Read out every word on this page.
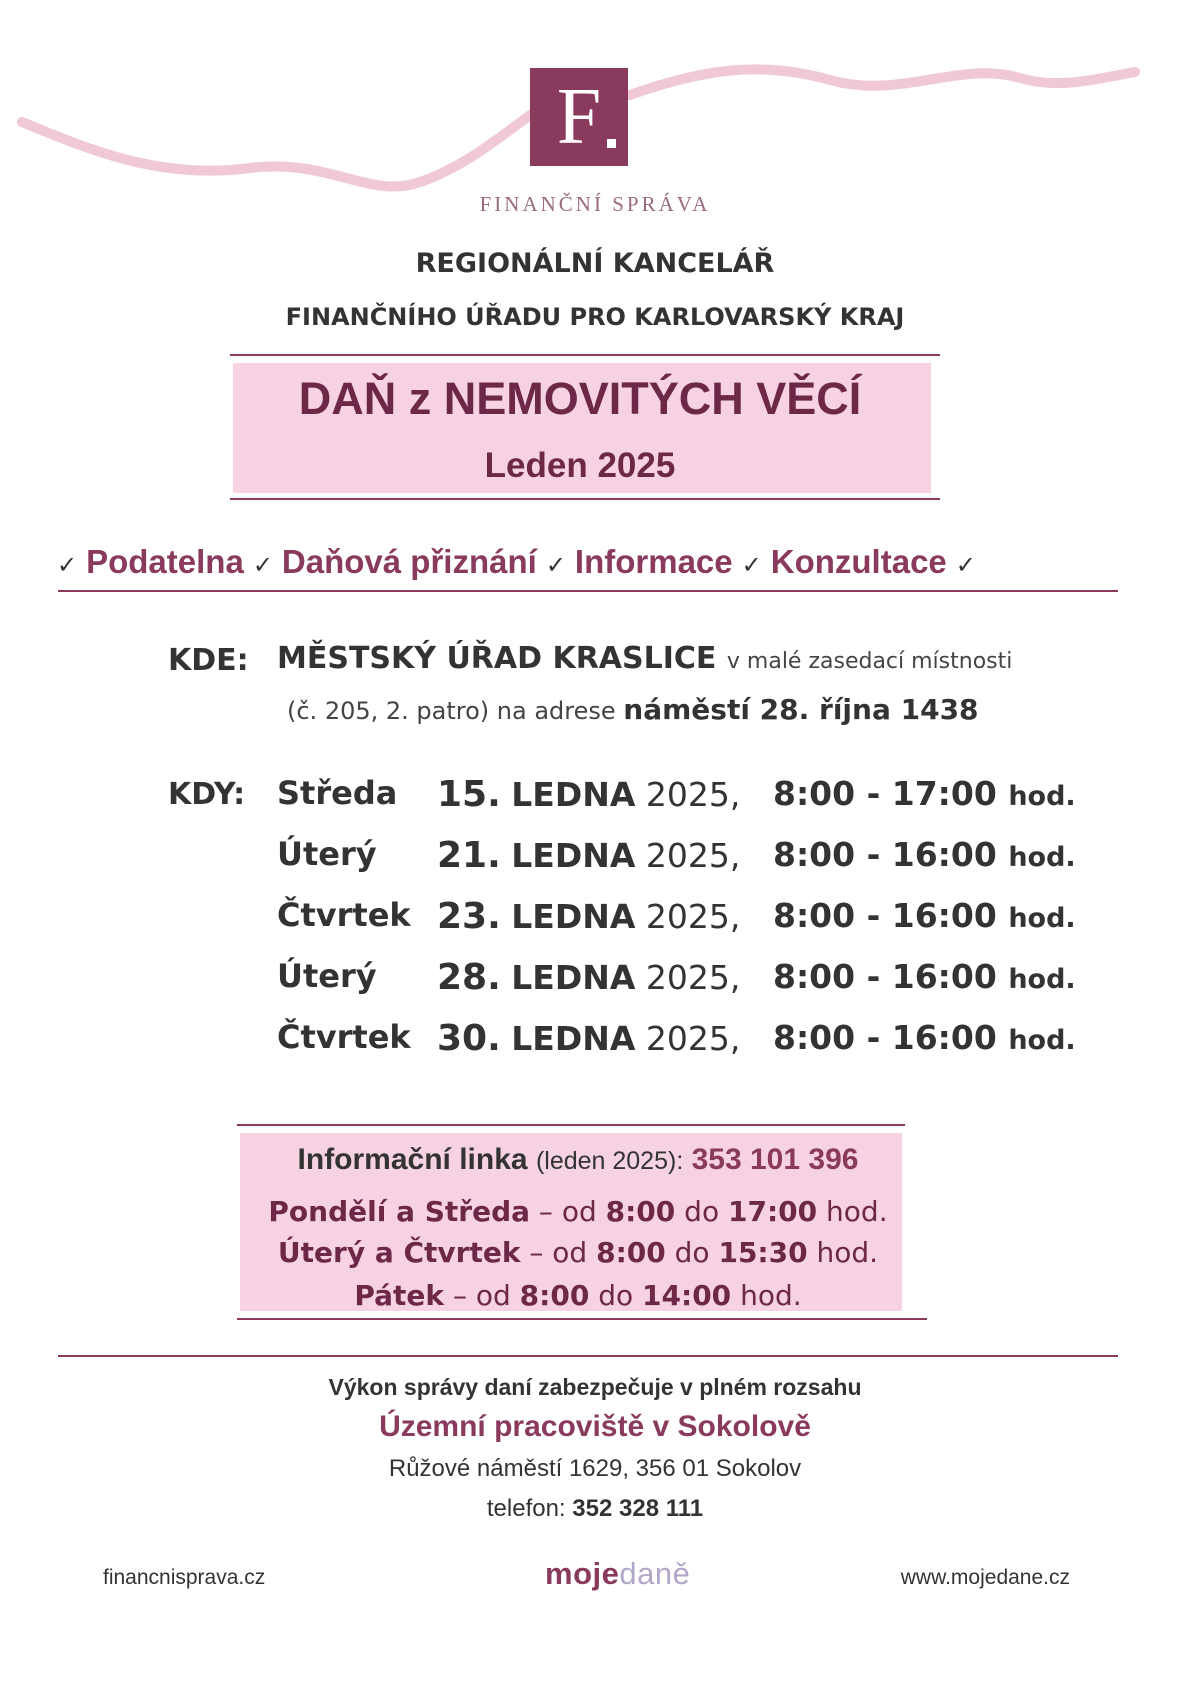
F
FINANČNÍ SPRÁVA
REGIONÁLNÍ KANCELÁŘ
FINANČNÍHO ÚŘADU PRO KARLOVARSKÝ KRAJ
DAŇ z NEMOVITÝCH VĚCÍ
Leden 2025
✓ Podatelna ✓ Daňová přiznání ✓ Informace ✓ Konzultace ✓
KDE: MĚSTSKÝ ÚŘAD KRASLICE v malé zasedací místnosti
(č. 205, 2. patro) na adrese náměstí 28. října 1438
KDY: Středa 15. LEDNA 2025, 8:00 - 17:00 hod.
Úterý 21. LEDNA 2025, 8:00 - 16:00 hod.
Čtvrtek 23. LEDNA 2025, 8:00 - 16:00 hod.
Úterý 28. LEDNA 2025, 8:00 - 16:00 hod.
Čtvrtek 30. LEDNA 2025, 8:00 - 16:00 hod.
Informační linka (leden 2025): 353 101 396
Pondělí a Středa – od 8:00 do 17:00 hod.
Úterý a Čtvrtek – od 8:00 do 15:30 hod.
Pátek – od 8:00 do 14:00 hod.
Výkon správy daní zabezpečuje v plném rozsahu
Územní pracoviště v Sokolově
Růžové náměstí 1629, 356 01 Sokolov
telefon: 352 328 111
financnisprava.cz	mojedaně	www.mojedane.cz
